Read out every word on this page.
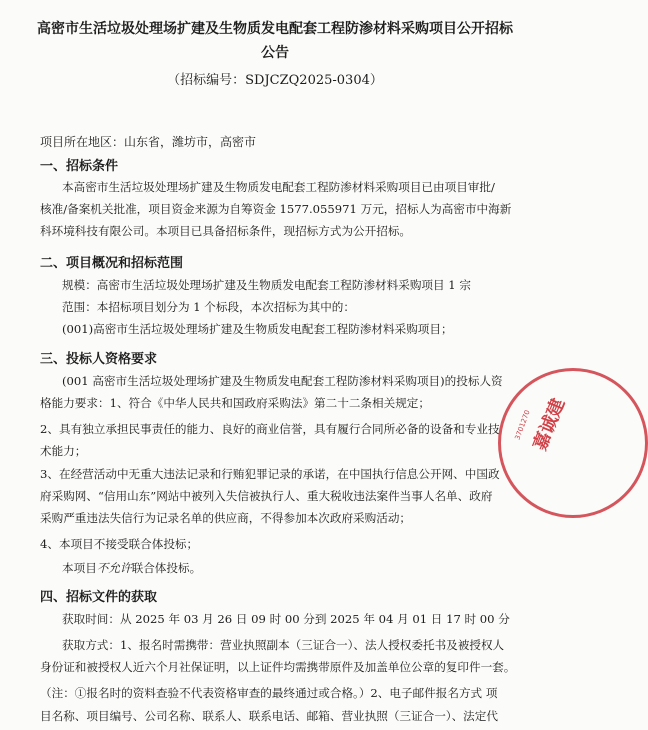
高密市生活垃圾处理场扩建及生物质发电配套工程防渗材料采购项目公开招标
公告
（招标编号：SDJCZQ2025-0304）
项目所在地区：山东省，潍坊市，高密市
一、招标条件
本高密市生活垃圾处理场扩建及生物质发电配套工程防渗材料采购项目已由项目审批/
核准/备案机关批准，项目资金来源为自筹资金 1577.055971 万元，招标人为高密市中海新
科环境科技有限公司。本项目已具备招标条件，现招标方式为公开招标。
二、项目概况和招标范围
规模：高密市生活垃圾处理场扩建及生物质发电配套工程防渗材料采购项目 1 宗
范围：本招标项目划分为 1 个标段，本次招标为其中的：
(001)高密市生活垃圾处理场扩建及生物质发电配套工程防渗材料采购项目；
三、投标人资格要求
(001 高密市生活垃圾处理场扩建及生物质发电配套工程防渗材料采购项目)的投标人资
格能力要求：1、符合《中华人民共和国政府采购法》第二十二条相关规定；
2、具有独立承担民事责任的能力、良好的商业信誉，具有履行合同所必备的设备和专业技
术能力；
3、在经营活动中无重大违法记录和行贿犯罪记录的承诺，在中国执行信息公开网、中国政
府采购网、“信用山东”网站中被列入失信被执行人、重大税收违法案件当事人名单、政府
采购严重违法失信行为记录名单的供应商，不得参加本次政府采购活动；
4、本项目不接受联合体投标；
本项目不允许联合体投标。
四、招标文件的获取
获取时间：从 2025 年 03 月 26 日 09 时 00 分到 2025 年 04 月 01 日 17 时 00 分
获取方式：1、报名时需携带：营业执照副本（三证合一）、法人授权委托书及被授权人
身份证和被授权人近六个月社保证明，以上证件均需携带原件及加盖单位公章的复印件一套。
（注：①报名时的资料查验不代表资格审查的最终通过或合格。）2、电子邮件报名方式 项
目名称、项目编号、公司名称、联系人、联系电话、邮箱、营业执照（三证合一）、法定代
嘉诚建
3701270
